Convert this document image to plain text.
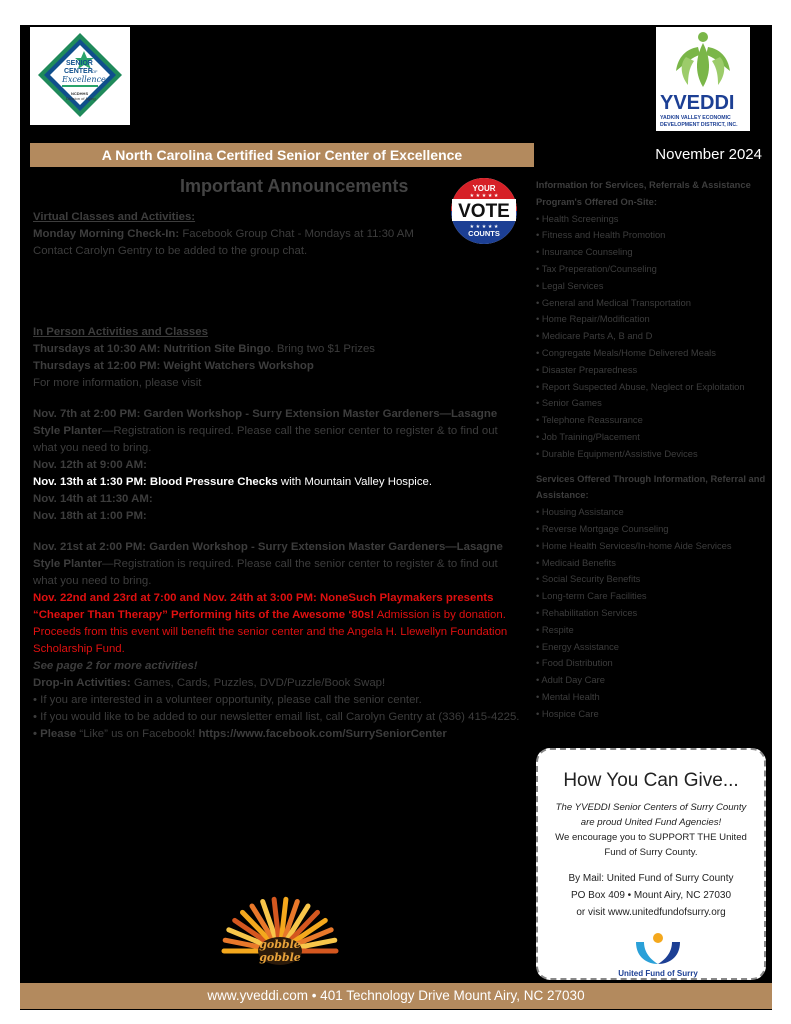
SENIOR
CENTER OF
Excellence
NCDHHS
Division of Aging	YVEDDI
YADKIN VALLEY ECONOMIC
DEVELOPMENT DISTRICT, INC.
A North Carolina Certified Senior Center of Excellence	November 2024
Important Announcements	YOUR
★ ★ ★ ★ ★
VOTE
★ ★ ★ ★ ★
COUNTS

Virtual Classes and Activities:

Monday Morning Check-In: Facebook Group Chat - Mondays at 11:30 AM

Contact Carolyn Gentry to be added to the group chat.

In Person Activities and Classes

Thursdays at 10:30 AM: Nutrition Site Bingo. Bring two $1 Prizes

Thursdays at 12:00 PM: Weight Watchers Workshop

For more information, please visit

Nov. 7th at 2:00 PM: Garden Workshop - Surry Extension Master Gardeners—Lasagne Style Planter—Registration is required. Please call the senior center to register & to find out what you need to bring.

Nov. 12th at 9:00 AM:

Nov. 13th at 1:30 PM: Blood Pressure Checks with Mountain Valley Hospice.

Nov. 14th at 11:30 AM:

Nov. 18th at 1:00 PM:

Nov. 21st at 2:00 PM: Garden Workshop - Surry Extension Master Gardeners—Lasagne Style Planter—Registration is required. Please call the senior center to register & to find out what you need to bring.

Nov. 22nd and 23rd at 7:00 and Nov. 24th at 3:00 PM: NoneSuch Playmakers presents “Cheaper Than Therapy” Performing hits of the Awesome ‘80s! Admission is by donation. Proceeds from this event will benefit the senior center and the Angela H. Llewellyn Foundation Scholarship Fund.

See page 2 for more activities!

Drop-in Activities: Games, Cards, Puzzles, DVD/Puzzle/Book Swap!

• If you are interested in a volunteer opportunity, please call the senior center.

• If you would like to be added to our newsletter email list, call Carolyn Gentry at (336) 415-4225.

• Please “Like” us on Facebook! https://www.facebook.com/SurrySeniorCenter

Information for Services, Referrals & Assistance

Program's Offered On-Site:

• Health Screenings

• Fitness and Health Promotion

• Insurance Counseling

• Tax Preperation/Counseling

• Legal Services

• General and Medical Transportation

• Home Repair/Modification

• Medicare Parts A, B and D

• Congregate Meals/Home Delivered Meals

• Disaster Preparedness

• Report Suspected Abuse, Neglect or Exploitation

• Senior Games

• Telephone Reassurance

• Job Training/Placement

• Durable Equipment/Assistive Devices

Services Offered Through Information, Referral and Assistance:

• Housing Assistance

• Reverse Mortgage Counseling

• Home Health Services/In-home Aide Services

• Medicaid Benefits

• Social Security Benefits

• Long-term Care Facilities

• Rehabilitation Services

• Respite

• Energy Assistance

• Food Distribution

• Adult Day Care

• Mental Health

• Hospice Care

How You Can Give...
The YVEDDI Senior Centers of Surry County are proud United Fund Agencies!
We encourage you to SUPPORT THE United Fund of Surry County.
By Mail: United Fund of Surry County
PO Box 409 • Mount Airy, NC 27030
or visit www.unitedfundofsurry.org
United Fund of Surry
gobble
gobble
www.yveddi.com • 401 Technology Drive Mount Airy, NC 27030
